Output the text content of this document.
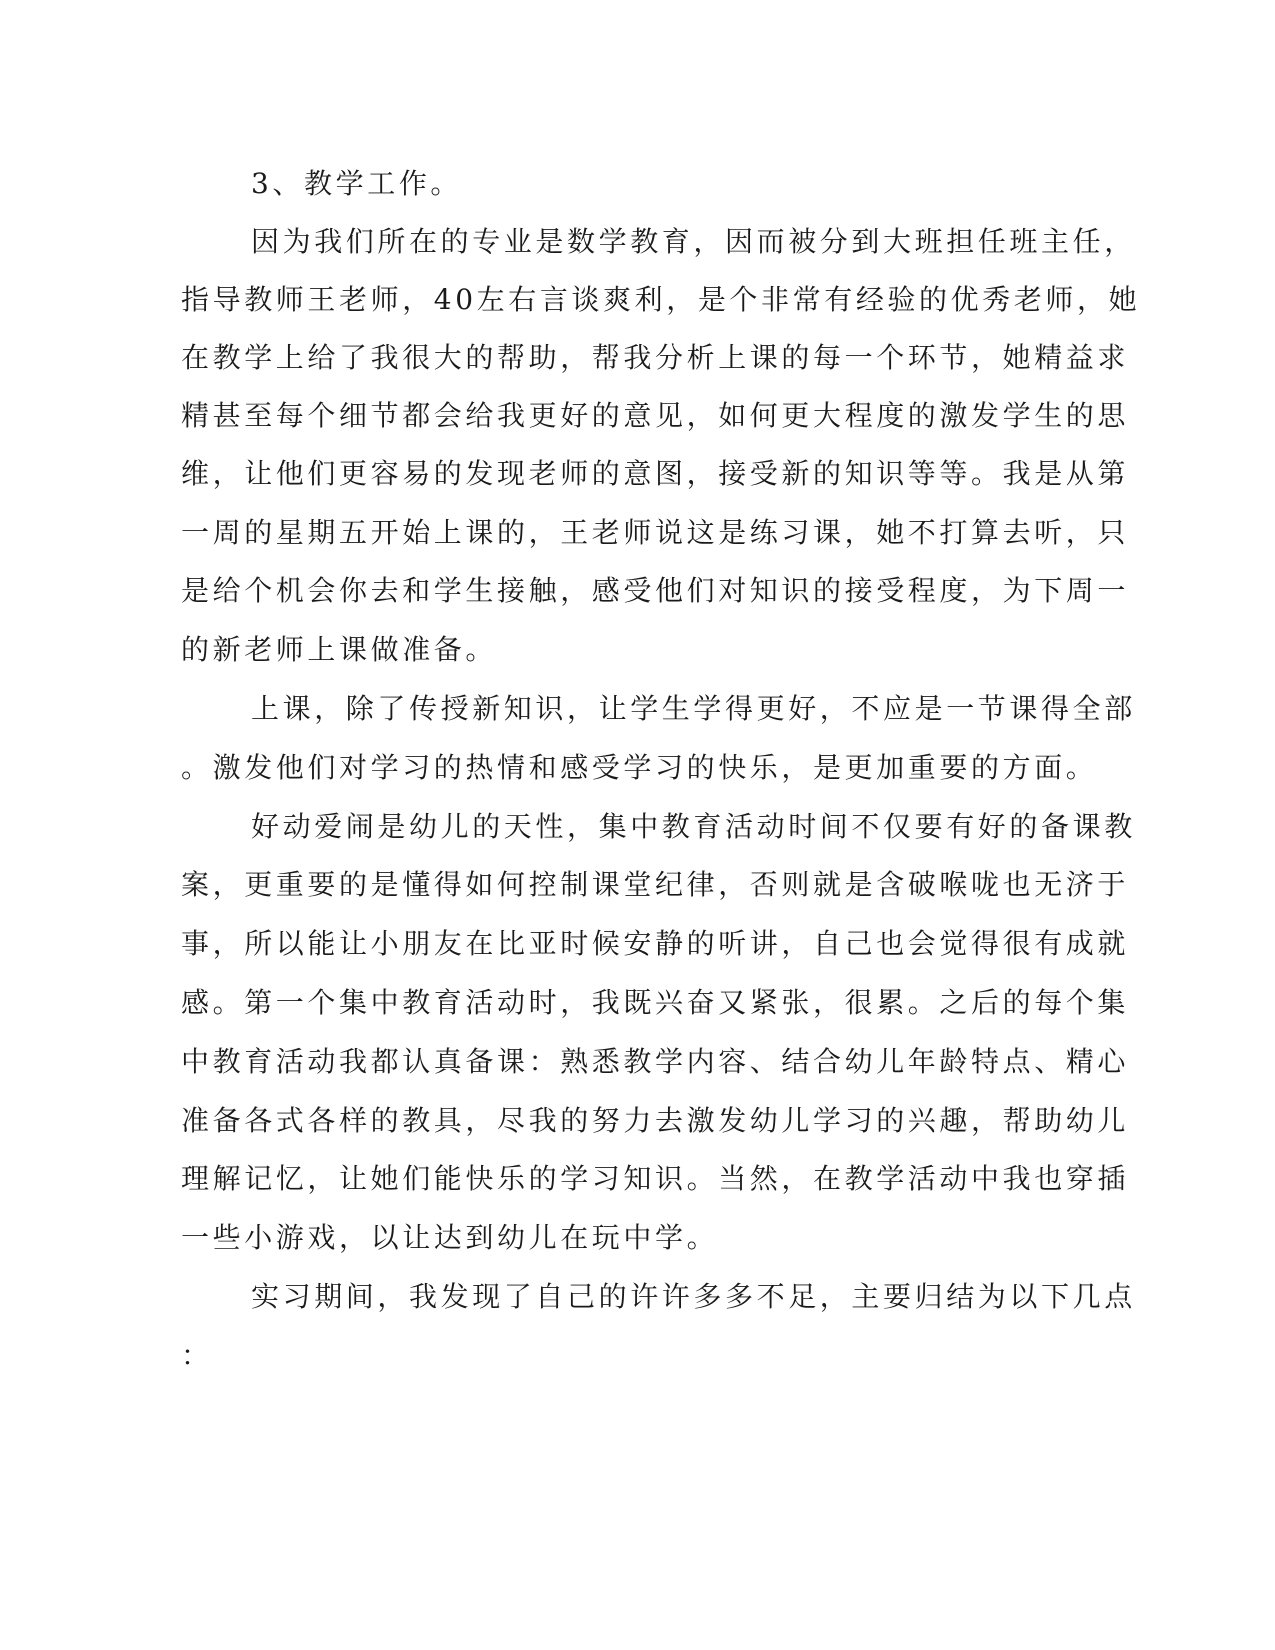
3、教学工作。
因为我们所在的专业是数学教育，因而被分到大班担任班主任，
指导教师王老师，40左右言谈爽利，是个非常有经验的优秀老师，她
在教学上给了我很大的帮助，帮我分析上课的每一个环节，她精益求
精甚至每个细节都会给我更好的意见，如何更大程度的激发学生的思
维，让他们更容易的发现老师的意图，接受新的知识等等。我是从第
一周的星期五开始上课的，王老师说这是练习课，她不打算去听，只
是给个机会你去和学生接触，感受他们对知识的接受程度，为下周一
的新老师上课做准备。
上课，除了传授新知识，让学生学得更好，不应是一节课得全部
。激发他们对学习的热情和感受学习的快乐，是更加重要的方面。
好动爱闹是幼儿的天性，集中教育活动时间不仅要有好的备课教
案，更重要的是懂得如何控制课堂纪律，否则就是含破喉咙也无济于
事，所以能让小朋友在比亚时候安静的听讲，自己也会觉得很有成就
感。第一个集中教育活动时，我既兴奋又紧张，很累。之后的每个集
中教育活动我都认真备课：熟悉教学内容、结合幼儿年龄特点、精心
准备各式各样的教具，尽我的努力去激发幼儿学习的兴趣，帮助幼儿
理解记忆，让她们能快乐的学习知识。当然，在教学活动中我也穿插
一些小游戏，以让达到幼儿在玩中学。
实习期间，我发现了自己的许许多多不足，主要归结为以下几点
：
